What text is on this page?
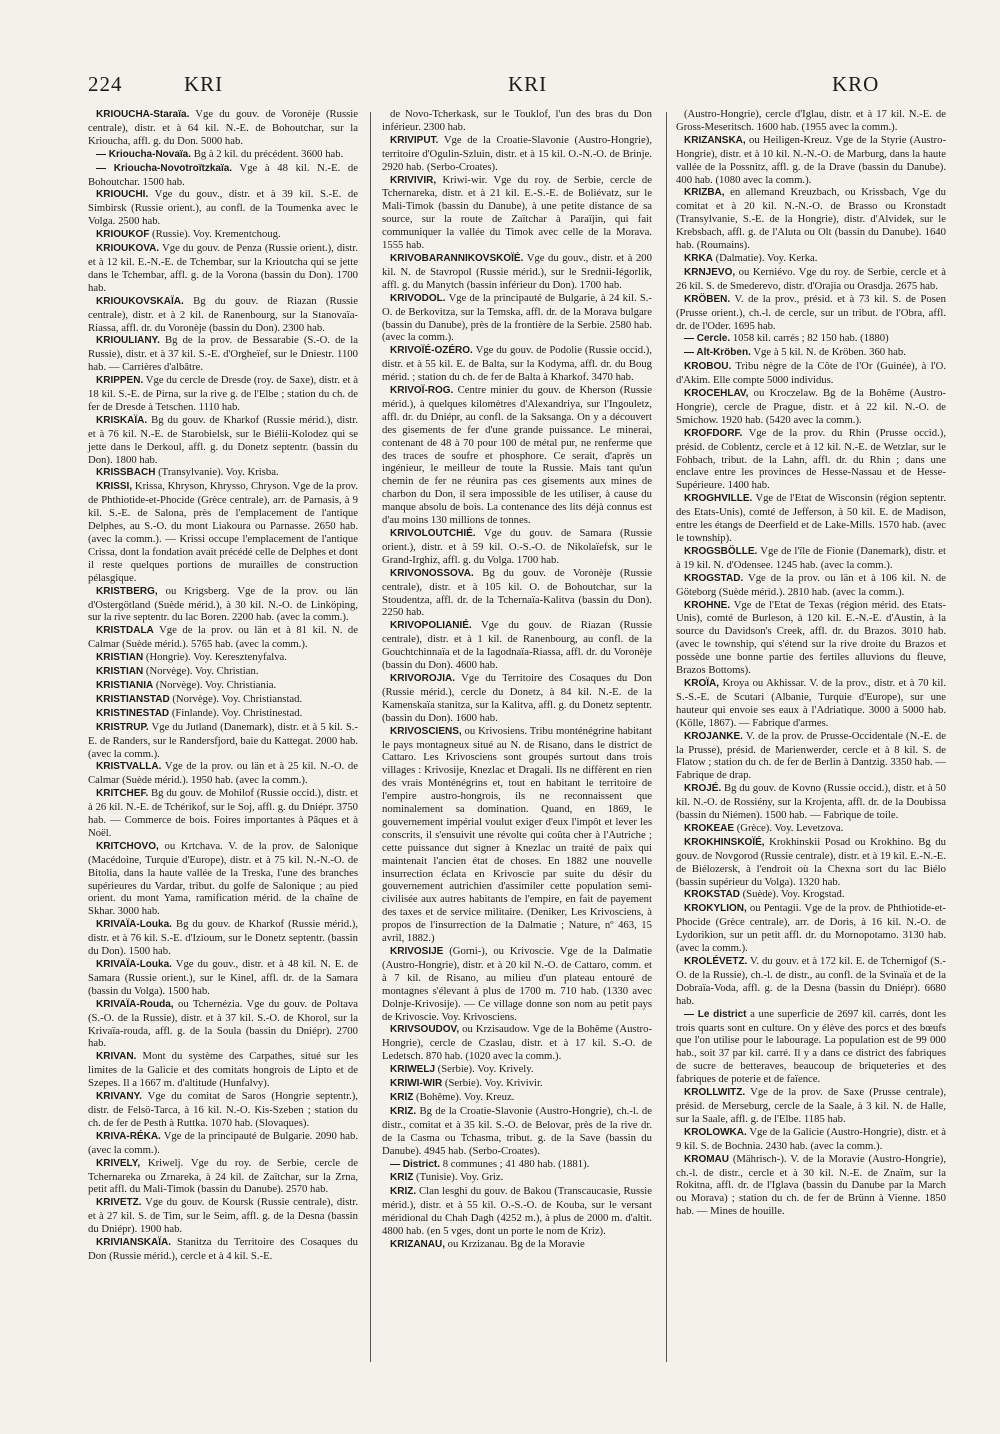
224	KRI	KRI	KRO

KRIOUCHA-Staraïa. Vge du gouv. de Voronèje (Russie centrale), distr. et à 64 kil. N.-E. de Bohoutchar, sur la Krioucha, affl. g. du Don. 5000 hab.

— Krioucha-Novaïa. Bg à 2 kil. du précédent. 3600 hab.

— Krioucha-Novotroïtzkaïa. Vge à 48 kil. N.-E. de Bohoutchar. 1500 hab.

KRIOUCHI. Vge du gouv., distr. et à 39 kil. S.-E. de Simbirsk (Russie orient.), au confl. de la Toumenka avec le Volga. 2500 hab.

KRIOUKOF (Russie). Voy. Krementchoug.

KRIOUKOVA. Vge du gouv. de Penza (Russie orient.), distr. et à 12 kil. E.-N.-E. de Tchembar, sur la Krioutcha qui se jette dans le Tchembar, affl. g. de la Vorona (bassin du Don). 1700 hab.

KRIOUKOVSKAÏA. Bg du gouv. de Riazan (Russie centrale), distr. et à 2 kil. de Ranenbourg, sur la Stanovaïa-Riassa, affl. dr. du Voronèje (bassin du Don). 2300 hab.

KRIOULIANY. Bg de la prov. de Bessarabie (S.-O. de la Russie), distr. et à 37 kil. S.-E. d'Orgheïef, sur le Dniestr. 1100 hab. — Carrières d'albâtre.

KRIPPEN. Vge du cercle de Dresde (roy. de Saxe), distr. et à 18 kil. S.-E. de Pirna, sur la rive g. de l'Elbe ; station du ch. de fer de Dresde à Tetschen. 1110 hab.

KRISKAÏA. Bg du gouv. de Kharkof (Russie mérid.), distr. et à 76 kil. N.-E. de Starobielsk, sur le Biélii-Kolodez qui se jette dans le Derkoul, affl. g. du Donetz septentr. (bassin du Don). 1800 hab.

KRISSBACH (Transylvanie). Voy. Krisba.

KRISSI, Krissa, Khryson, Khrysso, Chryson. Vge de la prov. de Phthiotide-et-Phocide (Grèce centrale), arr. de Parnasis, à 9 kil. S.-E. de Salona, près de l'emplacement de l'antique Delphes, au S.-O. du mont Liakoura ou Parnasse. 2650 hab. (avec la comm.). — Krissi occupe l'emplacement de l'antique Crissa, dont la fondation avait précédé celle de Delphes et dont il reste quelques portions de murailles de construction pélasgique.

KRISTBERG, ou Krigsberg. Vge de la prov. ou län d'Ostergötland (Suède mérid.), à 30 kil. N.-O. de Linköping, sur la rive septentr. du lac Boren. 2200 hab. (avec la comm.).

KRISTDALA Vge de la prov. ou län et à 81 kil. N. de Calmar (Suède mérid.). 5765 hab. (avec la comm.).

KRISTIAN (Hongrie). Voy. Keresztenyfalva.

KRISTIAN (Norvège). Voy. Christian.

KRISTIANIA (Norvège). Voy. Christiania.

KRISTIANSTAD (Norvège). Voy. Christianstad.

KRISTINESTAD (Finlande). Voy. Christinestad.

KRISTRUP. Vge du Jutland (Danemark), distr. et à 5 kil. S.-E. de Randers, sur le Randersfjord, baie du Kattegat. 2000 hab. (avec la comm.).

KRISTVALLA. Vge de la prov. ou län et à 25 kil. N.-O. de Calmar (Suède mérid.). 1950 hab. (avec la comm.).

KRITCHEF. Bg du gouv. de Mohilof (Russie occid.), distr. et à 26 kil. N.-E. de Tchérikof, sur le Soj, affl. g. du Dniépr. 3750 hab. — Commerce de bois. Foires importantes à Pâques et à Noël.

KRITCHOVO, ou Krtchava. V. de la prov. de Salonique (Macédoine, Turquie d'Europe), distr. et à 75 kil. N.-N.-O. de Bitolia, dans la haute vallée de la Treska, l'une des branches supérieures du Vardar, tribut. du golfe de Salonique ; au pied orient. du mont Yama, ramification mérid. de la chaîne de Skhar. 3000 hab.

KRIVAÏA-Louka. Bg du gouv. de Kharkof (Russie mérid.), distr. et à 76 kil. S.-E. d'Izioum, sur le Donetz septentr. (bassin du Don). 1500 hab.

KRIVAÏA-Louka. Vge du gouv., distr. et à 48 kil. N. E. de Samara (Russie orient.), sur le Kinel, affl. dr. de la Samara (bassin du Volga). 1500 hab.

KRIVAÏA-Rouda, ou Tchernézia. Vge du gouv. de Poltava (S.-O. de la Russie), distr. et à 37 kil. S.-O. de Khorol, sur la Krivaïa-rouda, affl. g. de la Soula (bassin du Dniépr). 2700 hab.

KRIVAN. Mont du système des Carpathes, situé sur les limites de la Galicie et des comitats hongrois de Lipto et de Szepes. Il a 1667 m. d'altitude (Hunfalvy).

KRIVANY. Vge du comitat de Saros (Hongrie septentr.), distr. de Felsö-Tarca, à 16 kil. N.-O. Kis-Szeben ; station du ch. de fer de Pesth à Ruttka. 1070 hab. (Slovaques).

KRIVA-RÉKA. Vge de la principauté de Bulgarie. 2090 hab. (avec la comm.).

KRIVELY, Kriwelj. Vge du roy. de Serbie, cercle de Tchernareka ou Zrnareka, à 24 kil. de Zaïtchar, sur la Zrna, petit affl. du Mali-Timok (bassin du Danube). 2570 hab.

KRIVETZ. Vge du gouv. de Koursk (Russie centrale), distr. et à 27 kil. S. de Tim, sur le Seim, affl. g. de la Desna (bassin du Dniépr). 1900 hab.

KRIVIANSKAÏA. Stanitza du Territoire des Cosaques du Don (Russie mérid.), cercle et à 4 kil. S.-E.

de Novo-Tcherkask, sur le Touklof, l'un des bras du Don inférieur. 2300 hab.

KRIVIPUT. Vge de la Croatie-Slavonie (Austro-Hongrie), territoire d'Ogulin-Szluin, distr. et à 15 kil. O.-N.-O. de Brinje. 2920 hab. (Serbo-Croates).

KRIVIVIR, Kriwi-wir. Vge du roy. de Serbie, cercle de Tchernareka, distr. et à 21 kil. E.-S.-E. de Boliévatz, sur le Mali-Timok (bassin du Danube), à une petite distance de sa source, sur la route de Zaïtchar à Paraïjin, qui fait communiquer la vallée du Timok avec celle de la Morava. 1555 hab.

KRIVOBARANNIKOVSKOÏÉ. Vge du gouv., distr. et à 200 kil. N. de Stavropol (Russie mérid.), sur le Srednii-Iégorlik, affl. g. du Manytch (bassin inférieur du Don). 1700 hab.

KRIVODOL. Vge de la principauté de Bulgarie, à 24 kil. S.-O. de Berkovitza, sur la Temska, affl. dr. de la Morava bulgare (bassin du Danube), près de la frontière de la Serbie. 2580 hab. (avec la comm.).

KRIVOÏÉ-OZÉRO. Vge du gouv. de Podolie (Russie occid.), distr. et à 55 kil. E. de Balta, sur la Kodyma, affl. dr. du Boug mérid. ; station du ch. de fer de Balta à Kharkof. 3470 hab.

KRIVOÏ-ROG. Centre minier du gouv. de Kherson (Russie mérid.), à quelques kilomètres d'Alexandriya, sur l'Ingouletz, affl. dr. du Dniépr, au confl. de la Saksanga. On y a découvert des gisements de fer d'une grande puissance. Le minerai, contenant de 48 à 70 pour 100 de métal pur, ne renferme que des traces de soufre et phosphore. Ce serait, d'après un ingénieur, le meilleur de toute la Russie. Mais tant qu'un chemin de fer ne réunira pas ces gisements aux mines de charbon du Don, il sera impossible de les utiliser, à cause du manque absolu de bois. La contenance des lits déjà connus est d'au moins 130 millions de tonnes.

KRIVOLOUTCHIÉ. Vge du gouv. de Samara (Russie orient.), distr. et à 59 kil. O.-S.-O. de Nikolaïefsk, sur le Grand-Irghiz, affl. g. du Volga. 1700 hab.

KRIVONOSSOVA. Bg du gouv. de Voronèje (Russie centrale), distr. et à 105 kil. O. de Bohoutchar, sur la Stoudentza, affl. dr. de la Tchernaïa-Kalitva (bassin du Don). 2250 hab.

KRIVOPOLIANIÉ. Vge du gouv. de Riazan (Russie centrale), distr. et à 1 kil. de Ranenbourg, au confl. de la Gouchtchinnaïa et de la Iagodnaïa-Riassa, affl. dr. du Voronèje (bassin du Don). 4600 hab.

KRIVOROJIA. Vge du Territoire des Cosaques du Don (Russie mérid.), cercle du Donetz, à 84 kil. N.-E. de la Kamenskaïa stanitza, sur la Kalitva, affl. g. du Donetz septentr. (bassin du Don). 1600 hab.

KRIVOSCIENS, ou Krivosiens. Tribu monténégrine habitant le pays montagneux situé au N. de Risano, dans le district de Cattaro. Les Krivosciens sont groupés surtout dans trois villages : Krivosije, Knezlac et Dragali. Ils ne diffèrent en rien des vrais Monténégrins et, tout en habitant le territoire de l'empire austro-hongrois, ils ne reconnaissent que nominalement sa domination. Quand, en 1869, le gouvernement impérial voulut exiger d'eux l'impôt et lever les conscrits, il s'ensuivit une révolte qui coûta cher à l'Autriche ; cette puissance dut signer à Knezlac un traité de paix qui maintenait l'ancien état de choses. En 1882 une nouvelle insurrection éclata en Krivoscie par suite du désir du gouvernement autrichien d'assimiler cette population semi-civilisée aux autres habitants de l'empire, en fait de payement des taxes et de service militaire. (Deniker, Les Krivosciens, à propos de l'insurrection de la Dalmatie ; Nature, nº 463, 15 avril, 1882.)

KRIVOSIJE (Gorni-), ou Krivoscie. Vge de la Dalmatie (Austro-Hongrie), distr. et à 20 kil N.-O. de Cattaro, comm. et à 7 kil. de Risano, au milieu d'un plateau entouré de montagnes s'élevant à plus de 1700 m. 710 hab. (1330 avec Dolnje-Krivosije). — Ce village donne son nom au petit pays de Krivoscie. Voy. Krivosciens.

KRIVSOUDOV, ou Krzisaudow. Vge de la Bohême (Austro-Hongrie), cercle de Czaslau, distr. et à 17 kil. S.-O. de Ledetsch. 870 hab. (1020 avec la comm.).

KRIWELJ (Serbie). Voy. Krively.

KRIWI-WIR (Serbie). Voy. Krivivir.

KRIZ (Bohême). Voy. Kreuz.

KRIZ. Bg de la Croatie-Slavonie (Austro-Hongrie), ch.-l. de distr., comitat et à 35 kil. S.-O. de Belovar, près de la rive dr. de la Casma ou Tchasma, tribut. g. de la Save (bassin du Danube). 4945 hab. (Serbo-Croates).

— District. 8 communes ; 41 480 hab. (1881).

KRIZ (Tunisie). Voy. Griz.

KRIZ. Clan lesghi du gouv. de Bakou (Transcaucasie, Russie mérid.), distr. et à 55 kil. O.-S.-O. de Kouba, sur le versant méridional du Chah Dagh (4252 m.), à plus de 2000 m. d'altit. 4800 hab. (en 5 vges, dont un porte le nom de Kriz).

KRIZANAU, ou Krzizanau. Bg de la Moravie

(Austro-Hongrie), cercle d'Iglau, distr. et à 17 kil. N.-E. de Gross-Meseritsch. 1600 hab. (1955 avec la comm.).

KRIZANSKA, ou Heiligen-Kreuz. Vge de la Styrie (Austro-Hongrie), distr. et à 10 kil. N.-N.-O. de Marburg, dans la haute vallée de la Possnitz, affl. g. de la Drave (bassin du Danube). 400 hab. (1080 avec la comm.).

KRIZBA, en allemand Kreuzbach, ou Krissbach, Vge du comitat et à 20 kil. N.-N.-O. de Brasso ou Kronstadt (Transylvanie, S.-E. de la Hongrie), distr. d'Alvidek, sur le Krebsbach, affl. g. de l'Aluta ou Olt (bassin du Danube). 1640 hab. (Roumains).

KRKA (Dalmatie). Voy. Kerka.

KRNJEVO, ou Kerniévo. Vge du roy. de Serbie, cercle et à 26 kil. S. de Smederevo, distr. d'Orajia ou Orasdja. 2675 hab.

KRÖBEN. V. de la prov., présid. et à 73 kil. S. de Posen (Prusse orient.), ch.-l. de cercle, sur un tribut. de l'Obra, affl. dr. de l'Oder. 1695 hab.

— Cercle. 1058 kil. carrés ; 82 150 hab. (1880)

— Alt-Kröben. Vge à 5 kil. N. de Kröben. 360 hab.

KROBOU. Tribu nègre de la Côte de l'Or (Guinée), à l'O. d'Akim. Elle compte 5000 individus.

KROCEHLAV, ou Kroczelaw. Bg de la Bohême (Austro-Hongrie), cercle de Prague, distr. et à 22 kil. N.-O. de Smichow. 1920 hab. (5420 avec la comm.).

KROFDORF. Vge de la prov. du Rhin (Prusse occid.), présid. de Coblentz, cercle et à 12 kil. N.-E. de Wetzlar, sur le Fohbach, tribut. de la Lahn, affl. dr. du Rhin ; dans une enclave entre les provinces de Hesse-Nassau et de Hesse-Supérieure. 1400 hab.

KROGHVILLE. Vge de l'Etat de Wisconsin (région septentr. des Etats-Unis), comté de Jefferson, à 50 kil. E. de Madison, entre les étangs de Deerfield et de Lake-Mills. 1570 hab. (avec le township).

KROGSBÖLLE. Vge de l'île de Fionie (Danemark), distr. et à 19 kil. N. d'Odensee. 1245 hab. (avec la comm.).

KROGSTAD. Vge de la prov. ou län et à 106 kil. N. de Göteborg (Suède mérid.). 2810 hab. (avec la comm.).

KROHNE. Vge de l'Etat de Texas (région mérid. des Etats-Unis), comté de Burleson, à 120 kil. E.-N.-E. d'Austin, à la source du Davidson's Creek, affl. dr. du Brazos. 3010 hab. (avec le township, qui s'étend sur la rive droite du Brazos et possède une bonne partie des fertiles alluvions du fleuve, Brazos Bottoms).

KROÏA, Kroya ou Akhissar. V. de la prov., distr. et à 70 kil. S.-S.-E. de Scutari (Albanie, Turquie d'Europe), sur une hauteur qui envoie ses eaux à l'Adriatique. 3000 à 5000 hab. (Kölle, 1867). — Fabrique d'armes.

KROJANKE. V. de la prov. de Prusse-Occidentale (N.-E. de la Prusse), présid. de Marienwerder, cercle et à 8 kil. S. de Flatow ; station du ch. de fer de Berlin à Dantzig. 3350 hab. — Fabrique de drap.

KROJÉ. Bg du gouv. de Kovno (Russie occid.), distr. et à 50 kil. N.-O. de Rossiény, sur la Krojenta, affl. dr. de la Doubissa (bassin du Niémen). 1500 hab. — Fabrique de toile.

KROKEAE (Grèce). Voy. Levetzova.

KROKHINSKOÏÉ, Krokhinskii Posad ou Krokhino. Bg du gouv. de Novgorod (Russie centrale), distr. et à 19 kil. E.-N.-E. de Biélozersk, à l'endroit où la Chexna sort du lac Biélo (bassin supérieur du Volga). 1320 hab.

KROKSTAD (Suède). Voy. Krogstad.

KROKYLION, ou Pentagii. Vge de la prov. de Phthiotide-et-Phocide (Grèce centrale), arr. de Doris, à 16 kil. N.-O. de Lydorikion, sur un petit affl. dr. du Mornopotamo. 3130 hab. (avec la comm.).

KROLÉVETZ. V. du gouv. et à 172 kil. E. de Tchernigof (S.-O. de la Russie), ch.-l. de distr., au confl. de la Svinaïa et de la Dobraïa-Voda, affl. g. de la Desna (bassin du Dniépr). 6680 hab.

— Le district a une superficie de 2697 kil. carrés, dont les trois quarts sont en culture. On y élève des porcs et des bœufs que l'on utilise pour le labourage. La population est de 99 000 hab., soit 37 par kil. carré. Il y a dans ce district des fabriques de sucre de betteraves, beaucoup de briqueteries et des fabriques de poterie et de faïence.

KROLLWITZ. Vge de la prov. de Saxe (Prusse centrale), présid. de Merseburg, cercle de la Saale, à 3 kil. N. de Halle, sur la Saale, affl. g. de l'Elbe. 1185 hab.

KROLOWKA. Vge de la Galicie (Austro-Hongrie), distr. et à 9 kil. S. de Bochnia. 2430 hab. (avec la comm.).

KROMAU (Mährisch-). V. de la Moravie (Austro-Hongrie), ch.-l. de distr., cercle et à 30 kil. N.-E. de Znaïm, sur la Rokitna, affl. dr. de l'Iglava (bassin du Danube par la March ou Morava) ; station du ch. de fer de Brünn à Vienne. 1850 hab. — Mines de houille.
